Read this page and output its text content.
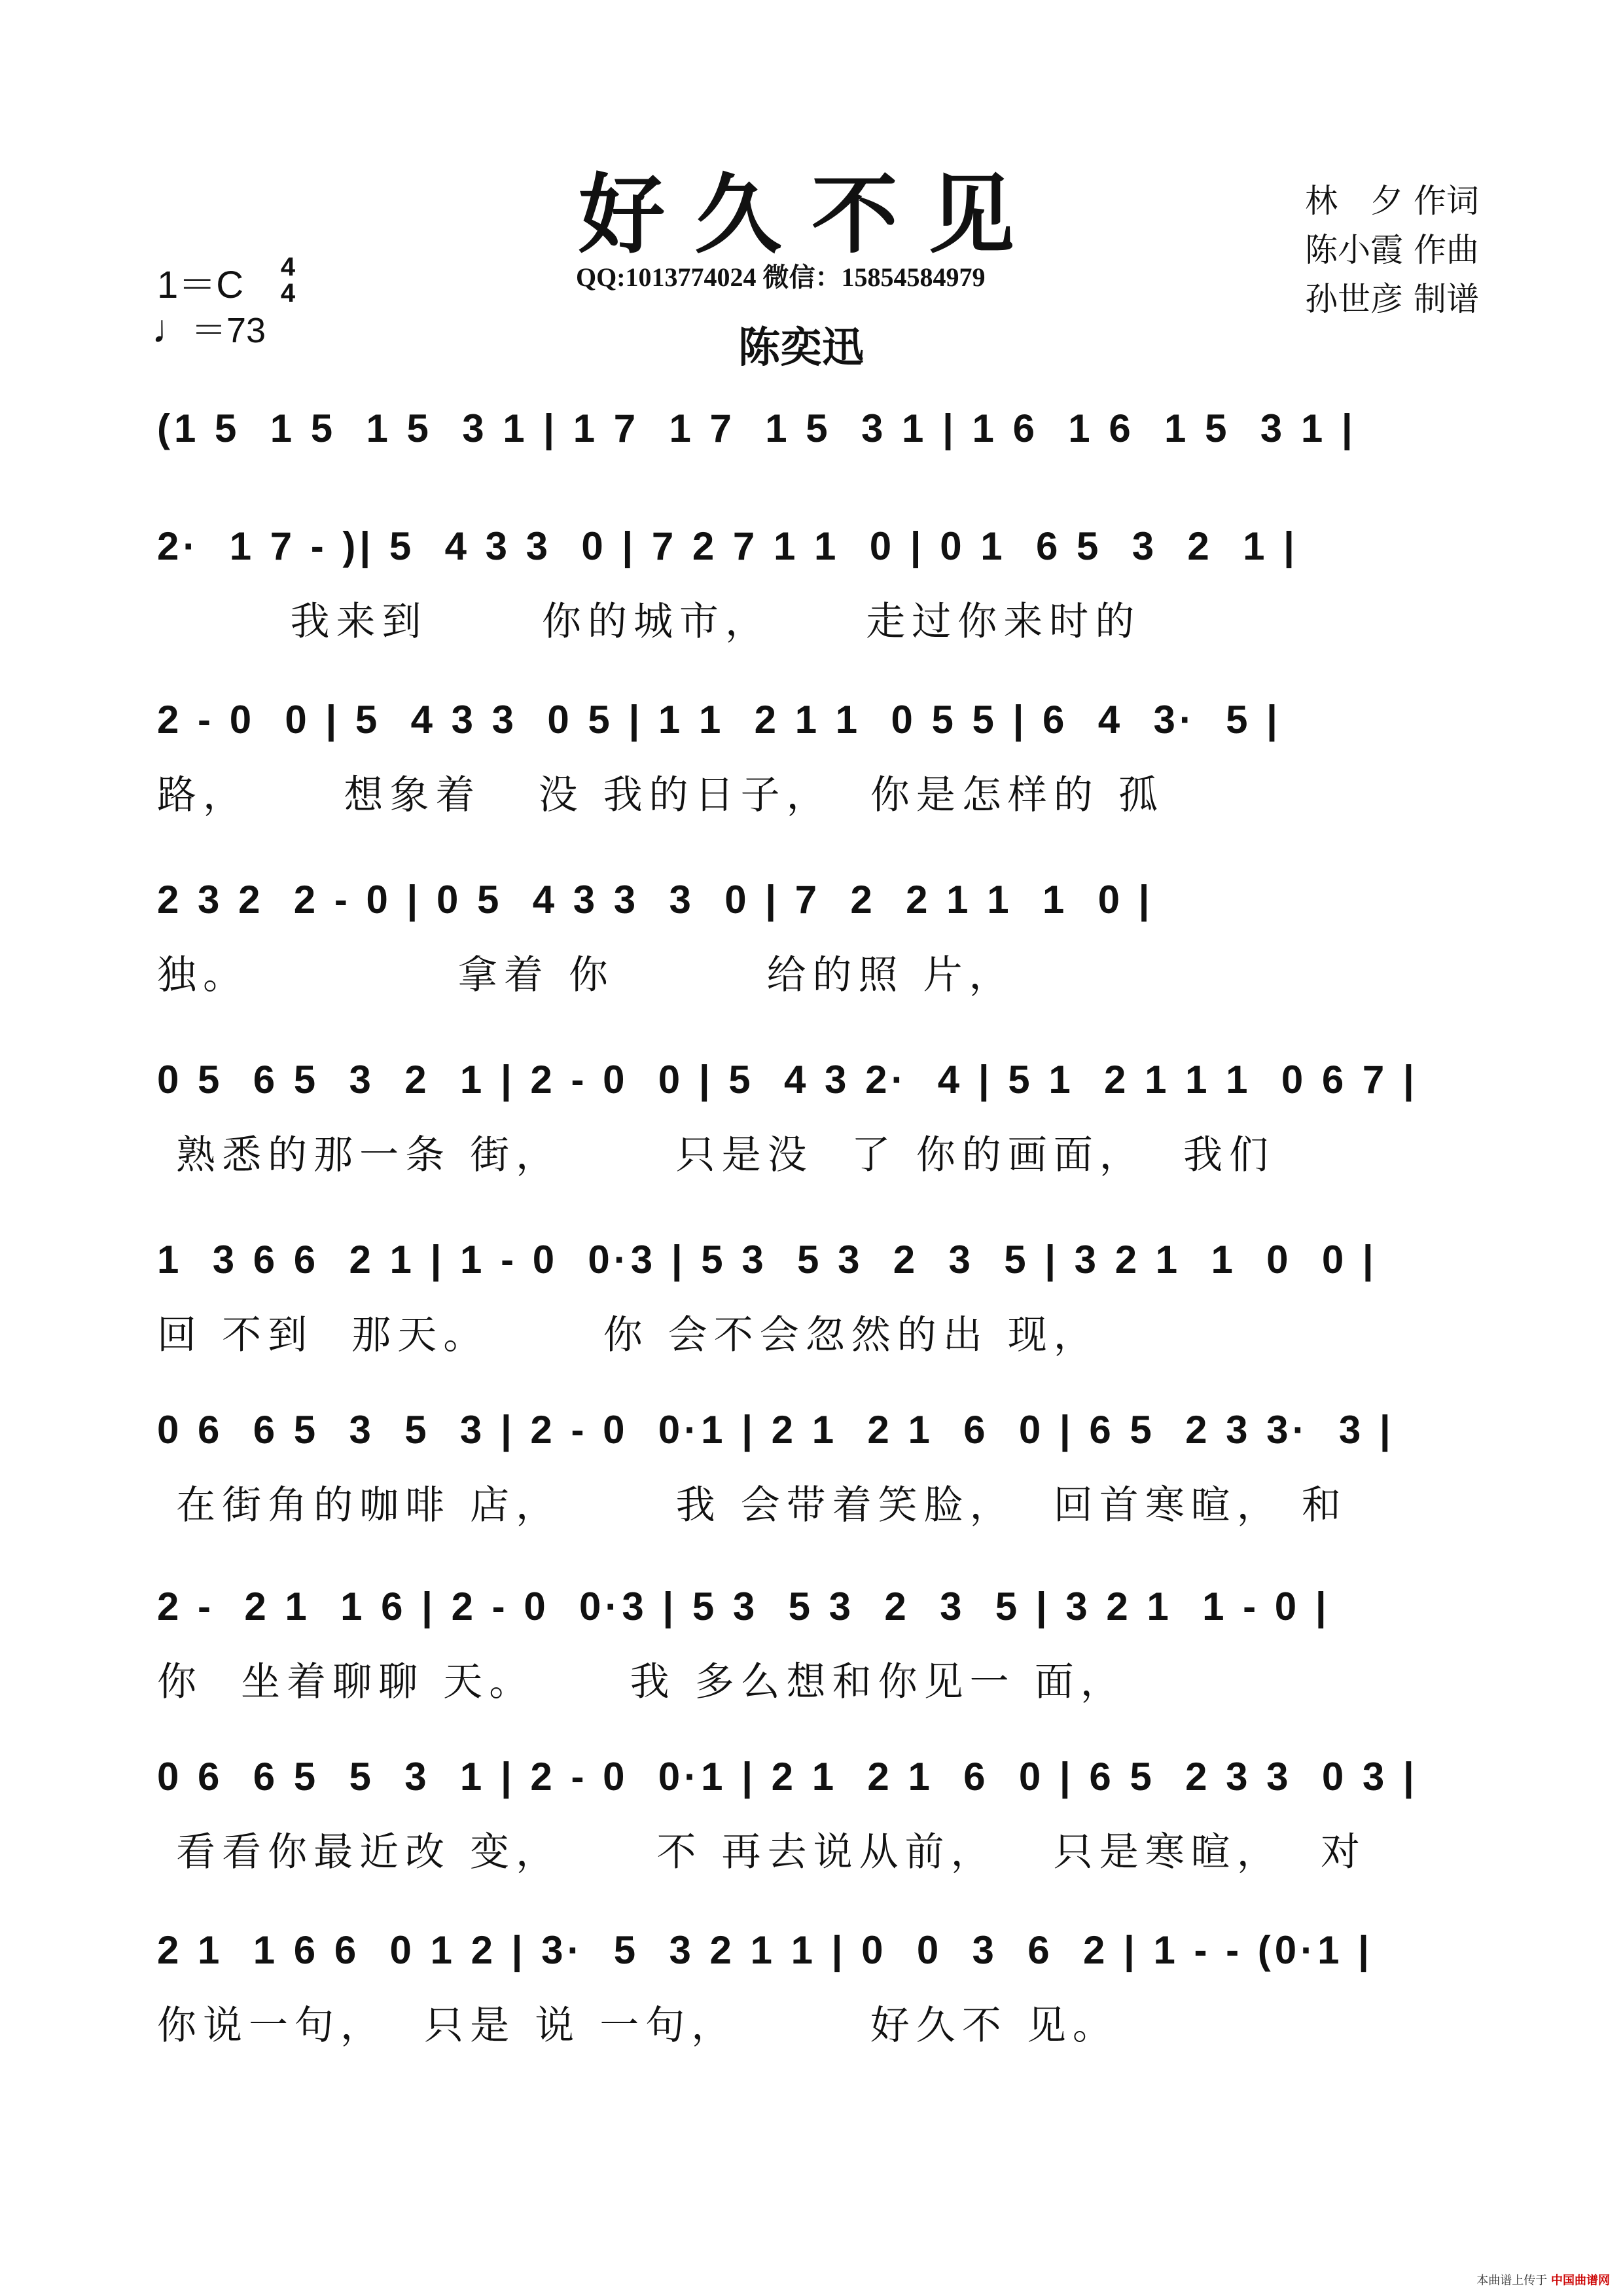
好久不见	林　夕 作词
陈小霞 作曲
孙世彦 制谱
QQ:1013774024 微信：15854584979
陈奕迅
1＝C 4
4
♩＝73
(1 5  1 5  1 5  3 1 | 1 7  1 7  1 5  3 1 | 1 6  1 6  1 5  3 1 |
2·  1 7 - )| 5  4 3 3  0 | 7 2 7 1 1  0 | 0 1  6 5  3  2  1 |
我来到      你的城市，     走过你来时的
2 - 0  0 | 5  4 3 3  0 5 | 1 1  2 1 1  0 5 5 | 6  4  3·  5 |
路，     想象着   没 我的日子，  你是怎样的 孤
2 3 2  2 - 0 | 0 5  4 3 3  3  0 | 7  2  2 1 1  1  0 |
独。           拿着 你        给的照 片，
0 5  6 5  3  2  1 | 2 - 0  0 | 5  4 3 2·  4 | 5 1  2 1 1 1  0 6 7 |
熟悉的那一条 街，      只是没  了 你的画面，  我们
1  3 6 6  2 1 | 1 - 0  0·3 | 5 3  5 3  2  3  5 | 3 2 1  1  0  0 |
回 不到  那天。      你 会不会忽然的出 现，
0 6  6 5  3  5  3 | 2 - 0  0·1 | 2 1  2 1  6  0 | 6 5  2 3 3·  3 |
在街角的咖啡 店，      我 会带着笑脸，  回首寒暄， 和
2 -  2 1  1 6 | 2 - 0  0·3 | 5 3  5 3  2  3  5 | 3 2 1  1 - 0 |
你  坐着聊聊 天。     我 多么想和你见一 面，
0 6  6 5  5  3  1 | 2 - 0  0·1 | 2 1  2 1  6  0 | 6 5  2 3 3  0 3 |
看看你最近改 变，     不 再去说从前，   只是寒暄，  对
2 1  1 6 6  0 1 2 | 3·  5  3 2 1 1 | 0  0  3  6  2 | 1 - - (0·1 |
你说一句，  只是 说 一句，       好久不 见。
本曲谱上传于 中国曲谱网
